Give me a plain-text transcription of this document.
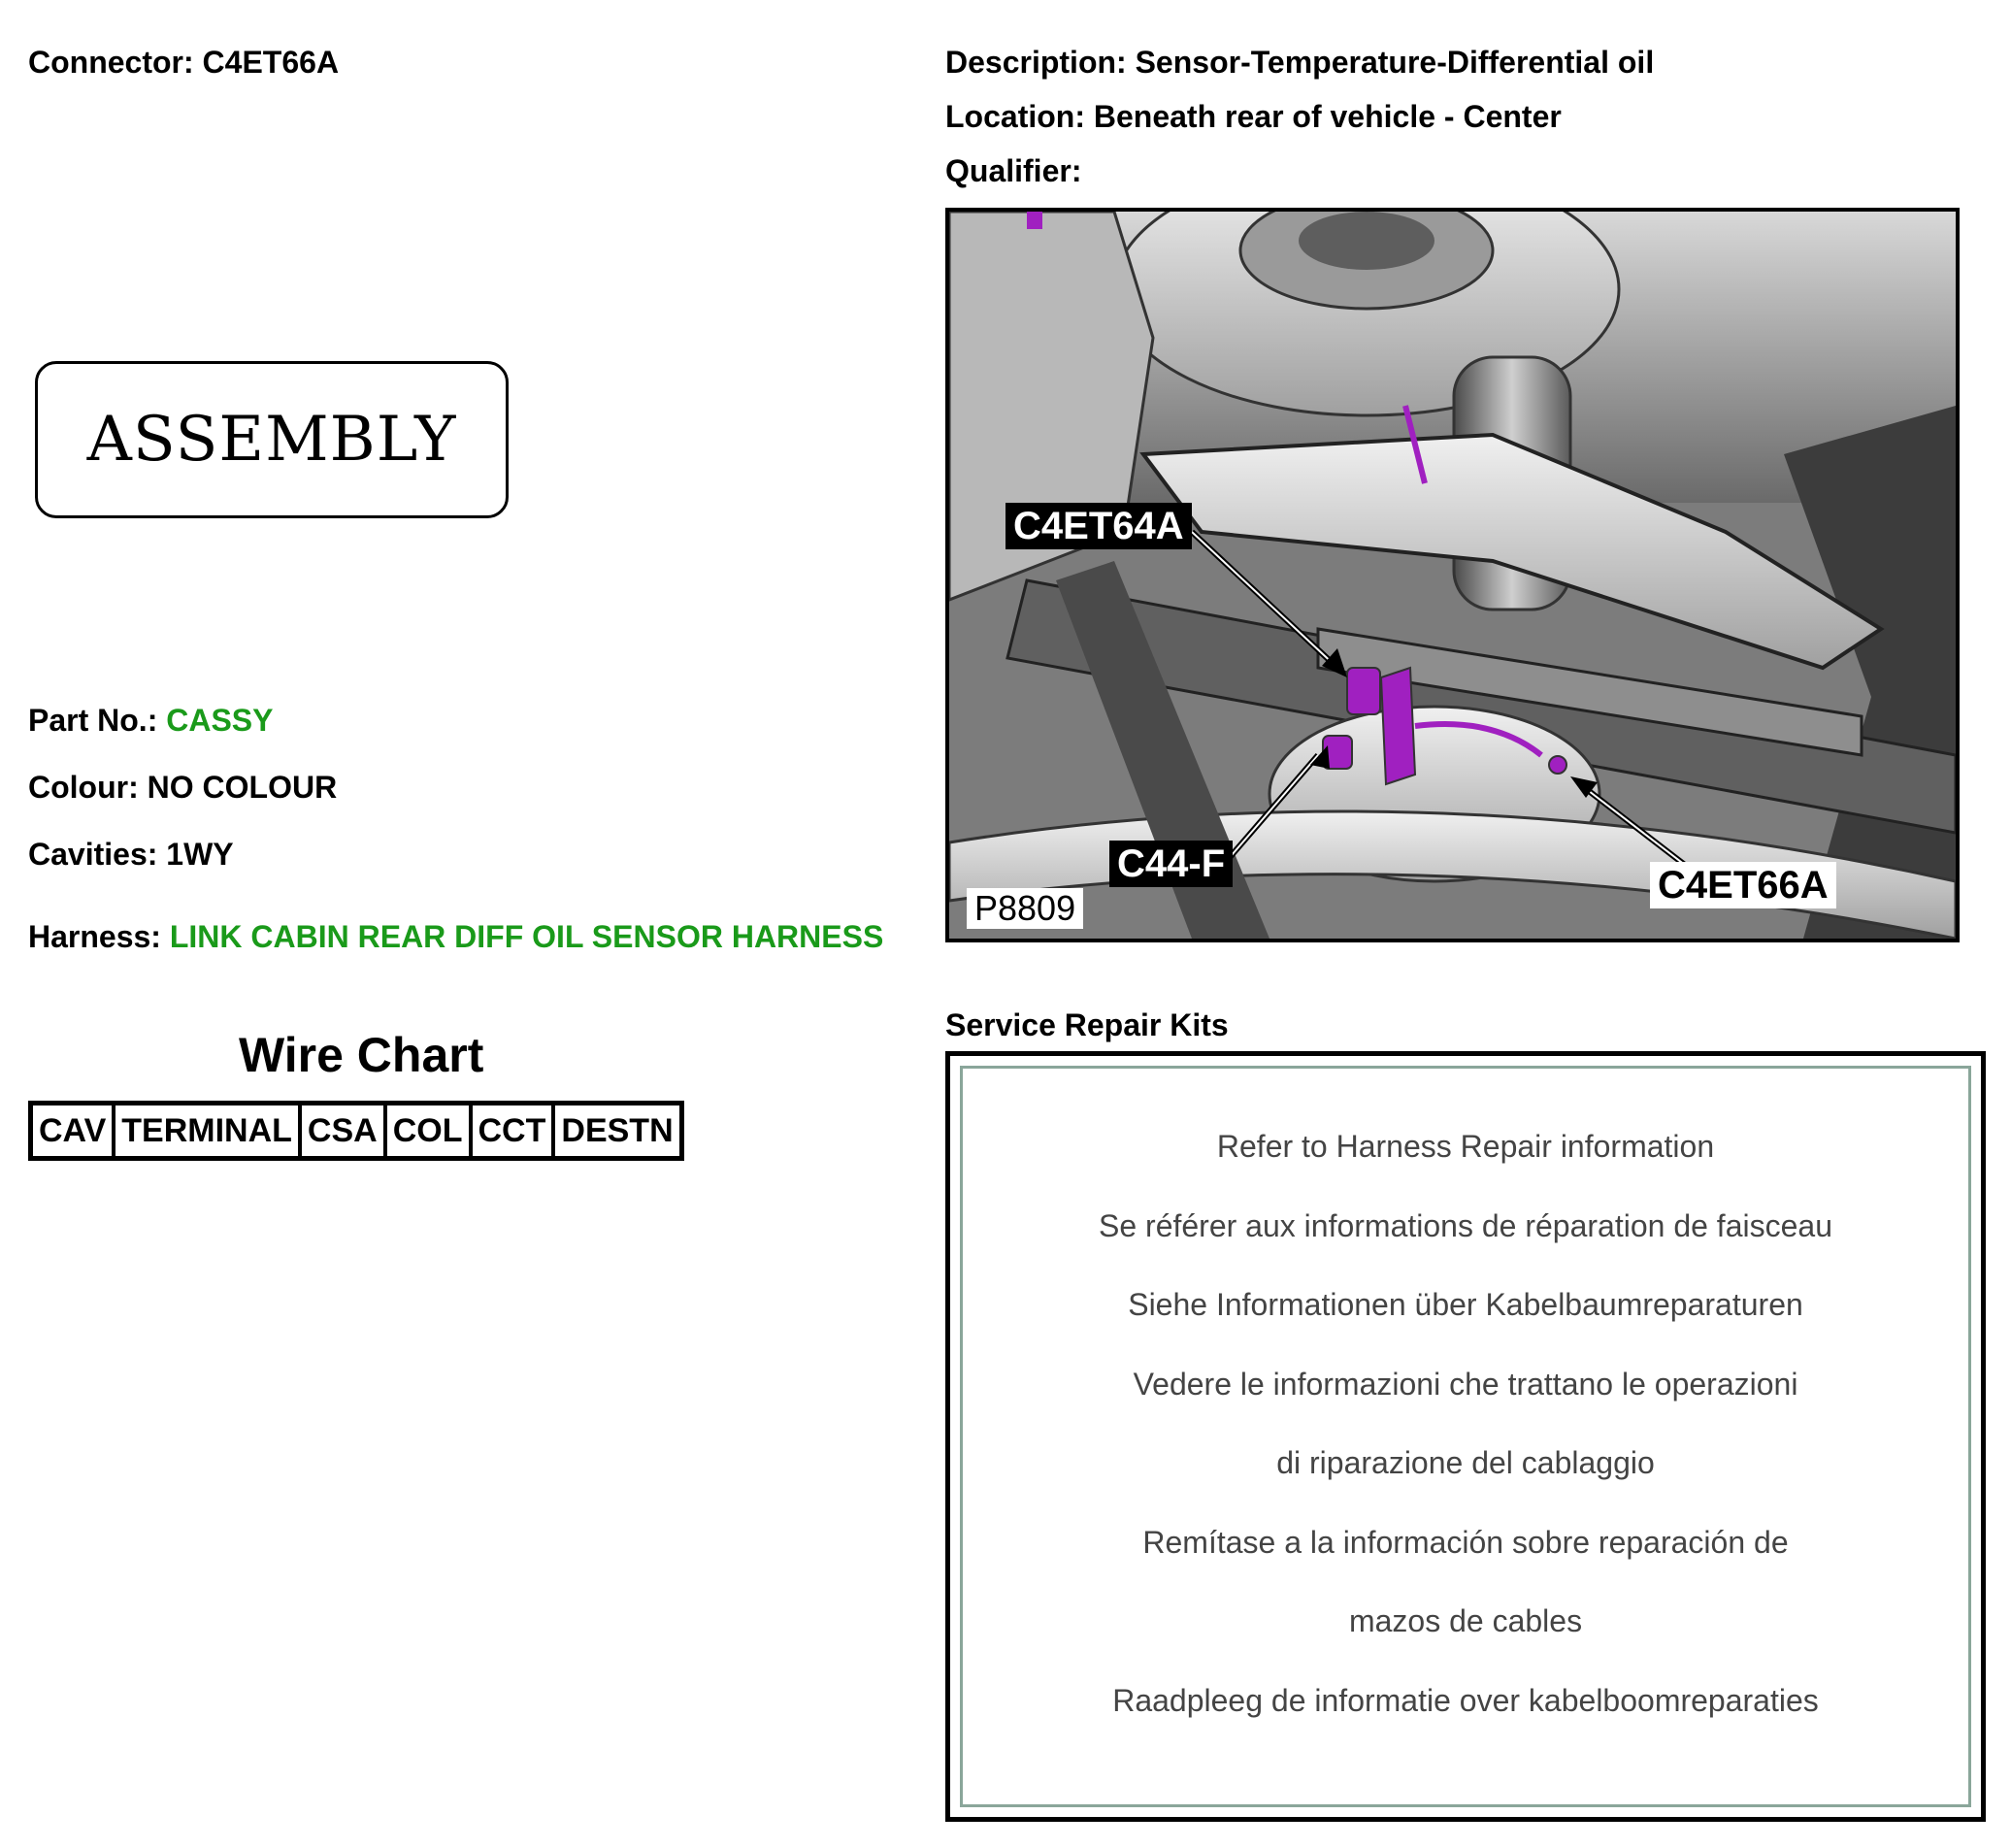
Connector: C4ET66A
ASSEMBLY
Part No.: CASSY
Colour: NO COLOUR
Cavities: 1WY
Harness: LINK CABIN REAR DIFF OIL SENSOR HARNESS
Wire Chart
CAV	TERMINAL	CSA	COL	CCT	DESTN
Description: Sensor-Temperature-Differential oil
Location: Beneath rear of vehicle - Center
Qualifier:
C4ET64A
C44-F	C4ET66A
P8809
Service Repair Kits
Refer to Harness Repair information
Se référer aux informations de réparation de faisceau
Siehe Informationen über Kabelbaumreparaturen
Vedere le informazioni che trattano le operazioni
di riparazione del cablaggio
Remítase a la información sobre reparación de
mazos de cables
Raadpleeg de informatie over kabelboomreparaties
